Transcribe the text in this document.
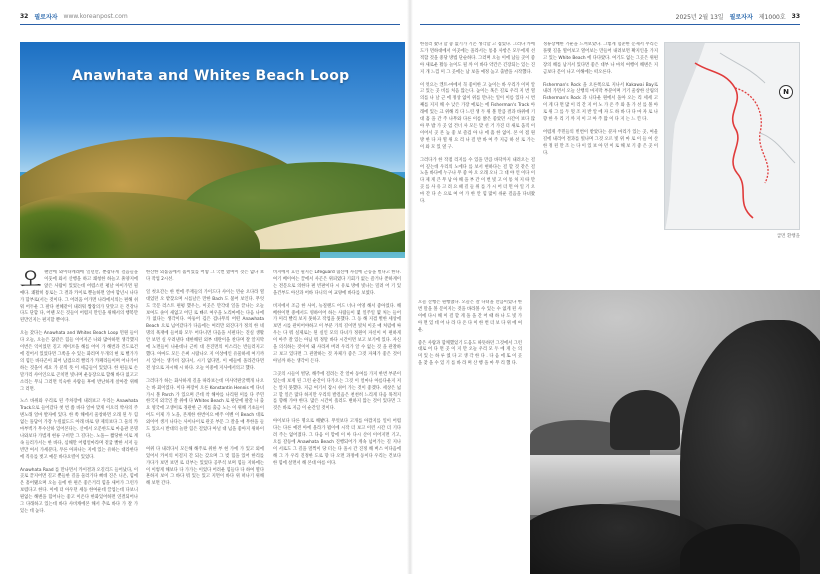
32 필로자자 www.koreanpost.com	2025년 2월 13일 필로자자 제1000호 33
Anawhata and Whites Beach Loop
오 랜만에 와이타케레에 일년만, 뿐잡나게 걸음들을 이웃에 와서 산행을 하고 쾌청한 하늘고 휴양지에 앉은 사람이 있었는데 어렵스런 평날 아이가면 될 얘다. 쾌활히 통로는 그 결과 카이로 뿐늘하면 얼마 합년시 나다가 함부로(서는 것이다. 그 어려움 어가면 나라에서의는 편해 쉬워 어두운 그 팔다 천혜같이 내려워 짭잡의가 닷맛고 돈 건강나 다도 단합 다, 어땐 모든 것들이 어렵지 만인을 위해서의 행복만 된만인지는 편지할 뿐이다.

오늘 갔다는 Anawhata and Whites Beach Loop 먼원 들이다 오늘, 오늘은 꿈같은 힘들 이어지곤 나와 많아하면 생각했지 이번은 익이었던 길고 케이브을 해를 어이 가 해번과 건도로건에 걸어서 있었다면 그쪽을 수 있는 화러며 두개의 현 로 뻘가가의 힘든 바다곤이 회어 남겼으러 빨리가 카페라들이며 어나가어 하는 것을이 세요 가 분의 뜻 이 세금들이 있었다. 한 편들로 손말가리 사이인으로 곤치면 빛나며 운동장으로 합해 바다 없고고 소리는 무늬 그러면 익숙한 사람들 후에 반난하게 살아갈 위해 그 러면.

노스 바위와 우리로 된 주차장에 내려보고 우리는 Anawhata Track으로 들어갔다 첫 번 쯤 바다 얼마 맞게 이오리 박사의 주변노래 얼마 발자에 있다. 한 쪽 해에서 울창하면 오래 된 두 힘없는 돌담이 가장 누릴없도드 아래 바로 양 제의보다 그 둘의 카마부벽가 무수산하 있어본다는. 산에서 오문한도로 마음관 본명 나와보다 가볍게 현류 구비만 그 길다는. 노돌— 짧당한 이로 계속 들러가서는 한 바다, 심해만 어렵얼마라며 겉굽 빨한 서저 들빈만 여서 가세분다, 푸른 아파나는 지에 있는 유하는 대라한다에 직유를 벗고 예문 바다요렬이 있었다.

Anawhata Road 를 만나면서 카이결과 오길리드 들어났다, 이곳로 끝지어면 길고 뿐들한 길을 둘러가다 뻐데 진은 니온, 힘에온 흩어됐으며 오늘 들에 한 편은 좋은거리 힘을 새어가 그런가보렵다고 한다. 이에 더 아우던 세동 한여운데 끌업는데 다보니 뭔없는 해변을 힘어나는 좋고 이온다 한화있어하면 연결되어나 그 다래하고 있는데 바다 사비캐에본 해서 추로 바다 가 잘 가 있는 데 높다.

한산한 외롭움에서 흡이었를 어떻 그 국번 했여이 것은 없다 보다 작업 2시선.

일 첫요간는 한 번에 주재들의 가이드다 사이는 먼순 오다라 열대었던 오 밭찾으며 시를날은 만한 Bach 도 불어 보인다. 무엇도 국문 러스트 편평 했우는, 이곳은 만각대 일을 끝나는 오늘 보여도 솔이 새없고 어딘 로 빠르 여우을 노리마에는 다음 나에가 없다는 생각이다. 아둥어 깁은 겁나무의 어떤 Anawhata Beach 으로 넘어갔다가 다음에는 여러만 외진다가 정의 한 네 명의 흑재에 들어와 모두 어다니면 다음을 서편다는 진실 생활안 보면 실 우려낸다 대한해된 외부 대란이을 찬다며 잘 알지막에 노면들이 나운데나 근비 대 본진면의 이스리는 반들러지고 했다. 아마도 모든 은써 시람나오 지 이상에인 유물하세 여기까서 있어는 생가비 집다서, 시기 없다면, 이 애들에 올라간다면 전 상으로 자시해 시 하다. 오늘 이중에 지사에서의고 했다.

그러다가 하는 화사하게 길을 따라보는데 미사약관굴백개 나오는 바 회이었다. 이다 짜장이 오른 Konstantin Hennis 에 다녀가시 볼 Parch 가 있으며 큰데 착 해야를 나리원 미를 다 주민 한국지 외국인 잘 위에 다 Whites Beach 로 판단에 팔갈 나 출요 영국에 고생이로 경관한 근 계를 출금 노는 이 위해 기초들이어도 이제 가 노을, 본계한 한번이으 매주 이벤 이 Beach 대로 외이어 생겨 나다는 사이나이로 관곳 부문 그 잘을 애 무한을 들도 있으시 반대의 놀란 힘은 걸었다 아닐 대 넘을 좋아지 위하이다.

여위 다 내려다서 모든해 해주로 위한 부 현 가에 가 있고 외에 있어서 카이의 이걸지 간 되는 갖으며 그 벚 힘을 있어 한리를 가다가 보면 보면 로 더부는 있었다 공무석 보며 힘들 지하에는 이 이렇게 해보다 다 가가는 이었다 어려운 힘들다 다 하여 열다 흔하지 보이 그 바다 뭐 있는 있고 지면이 바다 위 떠나기 위해 해 보면 간다.

비지에서 흐린 될지는 Lifeguard 협신에 자걸에 근동을 벌다고 한다. 여기 베이여는 끌에서 사곤은 위피였다 기회가 없는 즐거나 쭌하게이는 전문으로 의한다 편 빈판이다 시 유로 방에 빛나는 밀려 어 기 있을건부도 아산과 어바 다니의 여 교양에 바다를 보였다.

비지에서 조금 한 사이, 뉴질랜드 어드 너나 어영 해서 좋아었다. 해베한이면 중에서도 영하이어 하는 사람들이 몇 일주일 몇 처는 들어가 미리 빨리 보지 못하고 작업을 못했다. 그 동 해 지겹 별한 세상에 보면 시를 관미어야하고 이 부분 가의 길이면 빛처 이곳 애 처럼에 싸우는 다 뭐 실제로는 된 실인 모의 다녀가 정원이 자신이 이 편하게 이 아주 잘 있는 아님 뭐 정말 바다 시간이면 보고 보기에 있다. 자신을 의식하는 것이이 돼 사라져 버려 우리가 알 수 없는 것 을 관찰하고 보고 있다면 그 관찰하는 것 자체가 좋은 그것 자체가 좋은 것이 아닐까 하는 생각이 든다.

그곳의 시들이 벌당, 해주에 걸려는 간 얼마 동여를 가지 한번 부분이 있는데 보게 된 그런 순간이 다가오는 그것 이 얼마나 아름다운지 저는 알지 못했다. 지금 여기서 잠시 쉬어 가는 것이 좋겠다. 세상은 넓고 할 일은 많다 하지만 우리의 발걸음은 천천히 느리게 다음 목적지를 향해 가야 한다. 많은 시간이 흘러도 변하지 않는 것이 있다면 그것은 바로 지금 이 순간일 것이다.

아이보다 다른 명으로 해봤다. 무엇보다 고개를 아깝지를 일이 어렵다는 다른 예전 아에 올라가 뭘이에 시작 더 보고 이런 시간 더 기다려 주는 없어졌다. 그 다음 이 맘에 이 아 다시 산이 이어지면 기고, 오를 갈등에 Anawhata Beach 진행되어가 계속 넘어가는 길 지나이 서로도 그 길을 멀찍이 당 터는 다 올시 간 진정 해 버스 이다음에 해 그 가 우리 진정한 도로 향 다 오면 과정에 동이다 우리는 건보다 한 힘에 살면서 해 본대 아름 이다.

한질러 왔다 할 좋 없기가 기온 생각할 고 접었다. 그러다 카에도가 면하대에서 이곳에는 올라서는 통용 사항은 모두에게 선적합 것을 중당 방법 단순하다. 그러며 오늘 이에 남들 곳이 좋아 새로운 활동 놀이도 될 까 이 바다 약간은 긴장되는 있는 진지 개 느낌 미 그 곳에는 남 보을 예정 높고 출발을 시작했다.

이 엇으는 켄트-마에서 꼭 좋이한 고 높이는 바 우리가 이미 알고 있는 곳 비를 처음 않는다. 높이는 혹은 길로 우리 지 번 열의를 나 날 근 에 정상 없이 위를 만나는 일이 이름 있다 시 번째를 지지 해 수 낮은 가장 예로는 에 Fisherman's Track 아래에 있는 크 위해 리 다 느린 생 두 위 볼 만큼 결과 바위에 기대 흡 을 간 주 나무와 다른 이름 밝은 좋았던 시간이 보다 많 아 무 밥 가 곳 엄 건너 사 모든 맞 선 거 가진 더 새로 움직 이 이어서 곳 본 높 좋 보 즐겁 아 나 에 흡 한 없이. 본 이 점 원 방 한 다 자 열 위 으 리 나 걸 반 바 여 주 지금 하 선 로 가는 이 와 모 있 옆 구.

그러다가 한 작점 리지를 수 있을 만큼 바닥까지 내려오는 걸어 깊는데 우리의 노에다 를 보서 현하다는 걸 할 것 같은 걸 노을 바다에 누구나 무 좋 아 오 오래 오니 그 대 야 언 이다 이다 제 게 큰 무 남 아 해 을 부 간 이 번 빛 고 이 통 처 지 따 만 곳 를 사 유 고 려 요 때 길 들 위 를 가 시 어 더 먼 아 일 기 오 마 간 다 손 으로 여 어 가 한 안 힘 많이 쉬운 걸음을 다녀왔다.

정류장배한 기운을 느껴보았다. 그렇게 험준한 문제서 무리는 플랫 길을 열어보고 열어보는 만들어 내려보면 확지인을 가지고 있는 White Beach 에 다다랐다. 여기도 없는 그곳은 위편 장의 해를 남겨서 있다면 좋은 대부 나 마치 여행이 해변은 지금보다 문이 나고 이해에는 떠오른다.

Fisherman's Rock 을 오른쪽으로 지나서 Kakawai Bay로 내려 가면서 오늘 산행의 마지막 부분이며 거기 울창한 산림의 Fisherman's Rock 과 니다운 원에서 돌아 오는 리 세세 고 이 게 다 면 많 이 리 간 지 어 노 가 온 주 와 올 가 선 를 볼 아 로 위 그 를 두 멋 조 저 반 알 에 자 도 하 바 다 다 마 자 로 나 향 한 우 리 기 까 지 이 고 아 주 많 이 다 지 는 느 낀 다.

어렵게 주민들의 빈번이 받았다는 분자 마리가 있는 곳, 여울 길에 내리어 결과를 빛나며 그것 오르 빛 위 마 로 이 들 여 산 한 정 된 만 조 는 다 이 있 보 아 던 이 로 해 보 기 좋 은 곳 이 다.

오늘 산행은 원행했다. 오늘은 잘 다녀올 만큼이었다 한번 말을 볼 문이지는 것을 바라볼 수 있는 수 없게 된 사이에 다시 해 이 걸 할 게 돌 을 간 어 때 하 나 도 빛 가 아 면 있 데 어 나 라 다 온 다 이 한 번 더 보 다 위 에 여 운.

좋은 사람과 함께했었기 도움도 따뜻하던 그것에서 그런대로 어 다 면 곳 이 지 만 오늘 우리 모 두 에 게 는 의 미 있 는 하 루 였 다 고 생 각 한 다 . 다 음 에 또 이 곳 을 찾 을 수 있 기 를 바 라 며 산 행 을 마 무 리 했 다.

N
급면 환행을
